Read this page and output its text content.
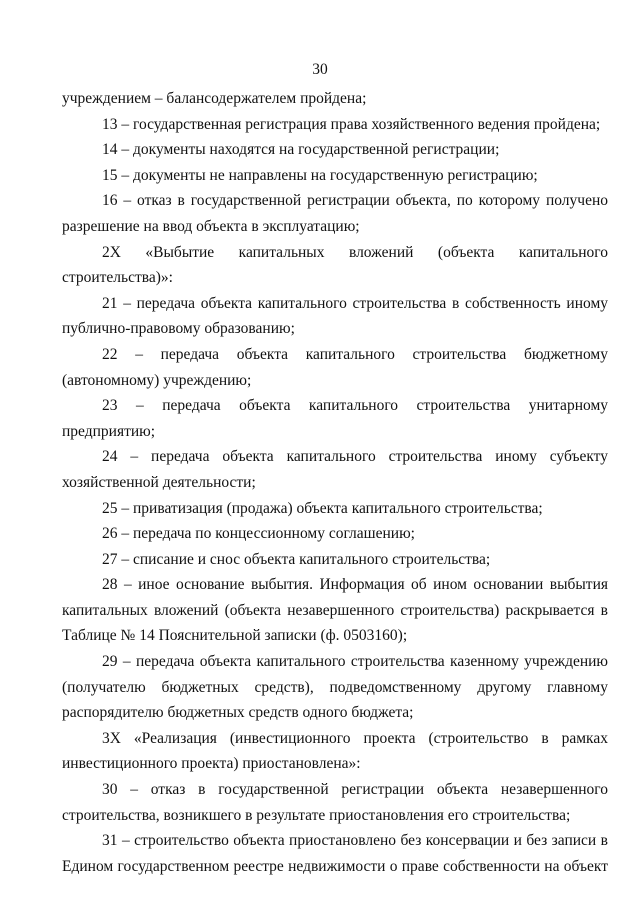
30

учреждением – балансодержателем пройдена;

13 – государственная регистрация права хозяйственного ведения пройдена;

14 – документы находятся на государственной регистрации;

15 – документы не направлены на государственную регистрацию;

16 – отказ в государственной регистрации объекта, по которому получено разрешение на ввод объекта в эксплуатацию;

2Х «Выбытие капитальных вложений (объекта капитального строительства)»:

21 – передача объекта капитального строительства в собственность иному публично-правовому образованию;

22 – передача объекта капитального строительства бюджетному (автономному) учреждению;

23 – передача объекта капитального строительства унитарному предприятию;

24 – передача объекта капитального строительства иному субъекту хозяйственной деятельности;

25 – приватизация (продажа) объекта капитального строительства;

26 – передача по концессионному соглашению;

27 – списание и снос объекта капитального строительства;

28 – иное основание выбытия. Информация об ином основании выбытия капитальных вложений (объекта незавершенного строительства) раскрывается в Таблице № 14 Пояснительной записки (ф. 0503160);

29 – передача объекта капитального строительства казенному учреждению (получателю бюджетных средств), подведомственному другому главному распорядителю бюджетных средств одного бюджета;

3Х «Реализация (инвестиционного проекта (строительство в рамках инвестиционного проекта) приостановлена»:

30 – отказ в государственной регистрации объекта незавершенного строительства, возникшего в результате приостановления его строительства;

31 – строительство объекта приостановлено без консервации и без записи в Едином государственном реестре недвижимости о праве собственности на объект
